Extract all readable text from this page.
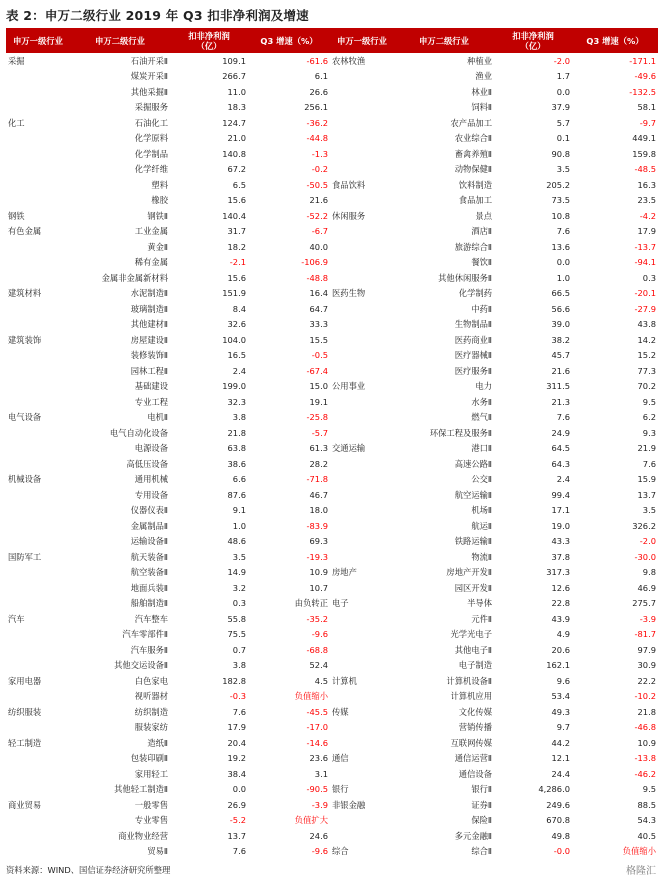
表 2：申万二级行业 2019 年 Q3 扣非净利润及增速
申万一级行业	申万二级行业	扣非净利润
（亿）	Q3 增速（%）	申万一级行业	申万二级行业	扣非净利润
（亿）	Q3 增速（%）
采掘	石油开采Ⅱ	109.1	-61.6	农林牧渔	种植业	-2.0	-171.1
	煤炭开采Ⅱ	266.7	6.1		渔业	1.7	-49.6
	其他采掘Ⅱ	11.0	26.6		林业Ⅱ	0.0	-132.5
	采掘服务	18.3	256.1		饲料Ⅱ	37.9	58.1
化工	石油化工	124.7	-36.2		农产品加工	5.7	-9.7
	化学原料	21.0	-44.8		农业综合Ⅱ	0.1	449.1
	化学制品	140.8	-1.3		畜禽养殖Ⅱ	90.8	159.8
	化学纤维	67.2	-0.2		动物保健Ⅱ	3.5	-48.5
	塑料	6.5	-50.5	食品饮料	饮料制造	205.2	16.3
	橡胶	15.6	21.6		食品加工	73.5	23.5
钢铁	钢铁Ⅱ	140.4	-52.2	休闲服务	景点	10.8	-4.2
有色金属	工业金属	31.7	-6.7		酒店Ⅱ	7.6	17.9
	黄金Ⅱ	18.2	40.0		旅游综合Ⅱ	13.6	-13.7
	稀有金属	-2.1	-106.9		餐饮Ⅱ	0.0	-94.1
	金属非金属新材料	15.6	-48.8		其他休闲服务Ⅱ	1.0	0.3
建筑材料	水泥制造Ⅱ	151.9	16.4	医药生物	化学制药	66.5	-20.1
	玻璃制造Ⅱ	8.4	64.7		中药Ⅱ	56.6	-27.9
	其他建材Ⅱ	32.6	33.3		生物制品Ⅱ	39.0	43.8
建筑装饰	房屋建设Ⅱ	104.0	15.5		医药商业Ⅱ	38.2	14.2
	装修装饰Ⅱ	16.5	-0.5		医疗器械Ⅱ	45.7	15.2
	园林工程Ⅱ	2.4	-67.4		医疗服务Ⅱ	21.6	77.3
	基础建设	199.0	15.0	公用事业	电力	311.5	70.2
	专业工程	32.3	19.1		水务Ⅱ	21.3	9.5
电气设备	电机Ⅱ	3.8	-25.8		燃气Ⅱ	7.6	6.2
	电气自动化设备	21.8	-5.7		环保工程及服务Ⅱ	24.9	9.3
	电源设备	63.8	61.3	交通运输	港口Ⅱ	64.5	21.9
	高低压设备	38.6	28.2		高速公路Ⅱ	64.3	7.6
机械设备	通用机械	6.6	-71.8		公交Ⅱ	2.4	15.9
	专用设备	87.6	46.7		航空运输Ⅱ	99.4	13.7
	仪器仪表Ⅱ	9.1	18.0		机场Ⅱ	17.1	3.5
	金属制品Ⅱ	1.0	-83.9		航运Ⅱ	19.0	326.2
	运输设备Ⅱ	48.6	69.3		铁路运输Ⅱ	43.3	-2.0
国防军工	航天装备Ⅱ	3.5	-19.3		物流Ⅱ	37.8	-30.0
	航空装备Ⅱ	14.9	10.9	房地产	房地产开发Ⅱ	317.3	9.8
	地面兵装Ⅱ	3.2	10.7		园区开发Ⅱ	12.6	46.9
	船舶制造Ⅱ	0.3	由负转正	电子	半导体	22.8	275.7
汽车	汽车整车	55.8	-35.2		元件Ⅱ	43.9	-3.9
	汽车零部件Ⅱ	75.5	-9.6		光学光电子	4.9	-81.7
	汽车服务Ⅱ	0.7	-68.8		其他电子Ⅱ	20.6	97.9
	其他交运设备Ⅱ	3.8	52.4		电子制造	162.1	30.9
家用电器	白色家电	182.8	4.5	计算机	计算机设备Ⅱ	9.6	22.2
	视听器材	-0.3	负值缩小		计算机应用	53.4	-10.2
纺织服装	纺织制造	7.6	-45.5	传媒	文化传媒	49.3	21.8
	服装家纺	17.9	-17.0		营销传播	9.7	-46.8
轻工制造	造纸Ⅱ	20.4	-14.6		互联网传媒	44.2	10.9
	包装印刷Ⅱ	19.2	23.6	通信	通信运营Ⅱ	12.1	-13.8
	家用轻工	38.4	3.1		通信设备	24.4	-46.2
	其他轻工制造Ⅱ	0.0	-90.5	银行	银行Ⅱ	4,286.0	9.5
商业贸易	一般零售	26.9	-3.9	非银金融	证券Ⅱ	249.6	88.5
	专业零售	-5.2	负值扩大		保险Ⅱ	670.8	54.3
	商业物业经营	13.7	24.6		多元金融Ⅱ	49.8	40.5
	贸易Ⅱ	7.6	-9.6	综合	综合Ⅱ	-0.0	负值缩小
资料来源：WIND、国信证券经济研究所整理	格隆汇
